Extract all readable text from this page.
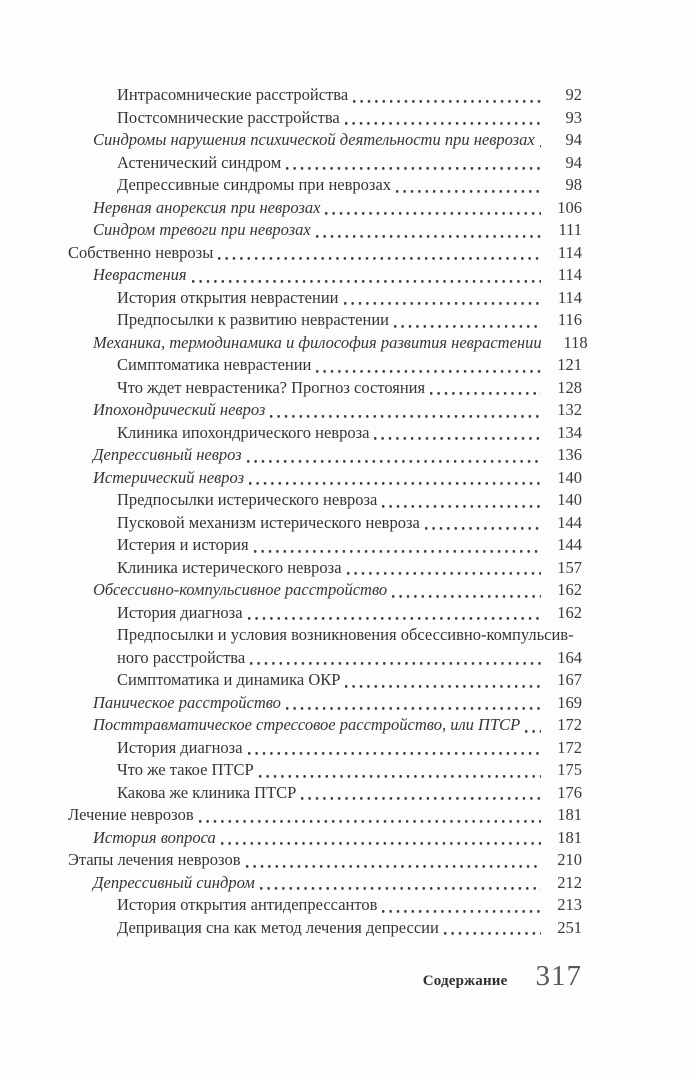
Интрасомнические расстройства	92
Постсомнические расстройства	93
Синдромы нарушения психической деятельности при неврозах	94
Астенический синдром	94
Депрессивные синдромы при неврозах	98
Нервная анорексия при неврозах	106
Синдром тревоги при неврозах	111
Собственно неврозы	114
Неврастения	114
История открытия неврастении	114
Предпосылки к развитию неврастении	116
Механика, термодинамика и философия развития неврастении	118
Симптоматика неврастении	121
Что ждет неврастеника? Прогноз состояния	128
Ипохондрический невроз	132
Клиника ипохондрического невроза	134
Депрессивный невроз	136
Истерический невроз	140
Предпосылки истерического невроза	140
Пусковой механизм истерического невроза	144
Истерия и история	144
Клиника истерического невроза	157
Обсессивно-компульсивное расстройство	162
История диагноза	162
Предпосылки и условия возникновения обсессивно-компульсив-
ного расстройства	164
Симптоматика и динамика ОКР	167
Паническое расстройство	169
Посттравматическое стрессовое расстройство, или ПТСР	172
История диагноза	172
Что же такое ПТСР	175
Какова же клиника ПТСР	176
Лечение неврозов	181
История вопроса	181
Этапы лечения неврозов	210
Депрессивный синдром	212
История открытия антидепрессантов	213
Депривация сна как метод лечения депрессии	251
Содержание 317
